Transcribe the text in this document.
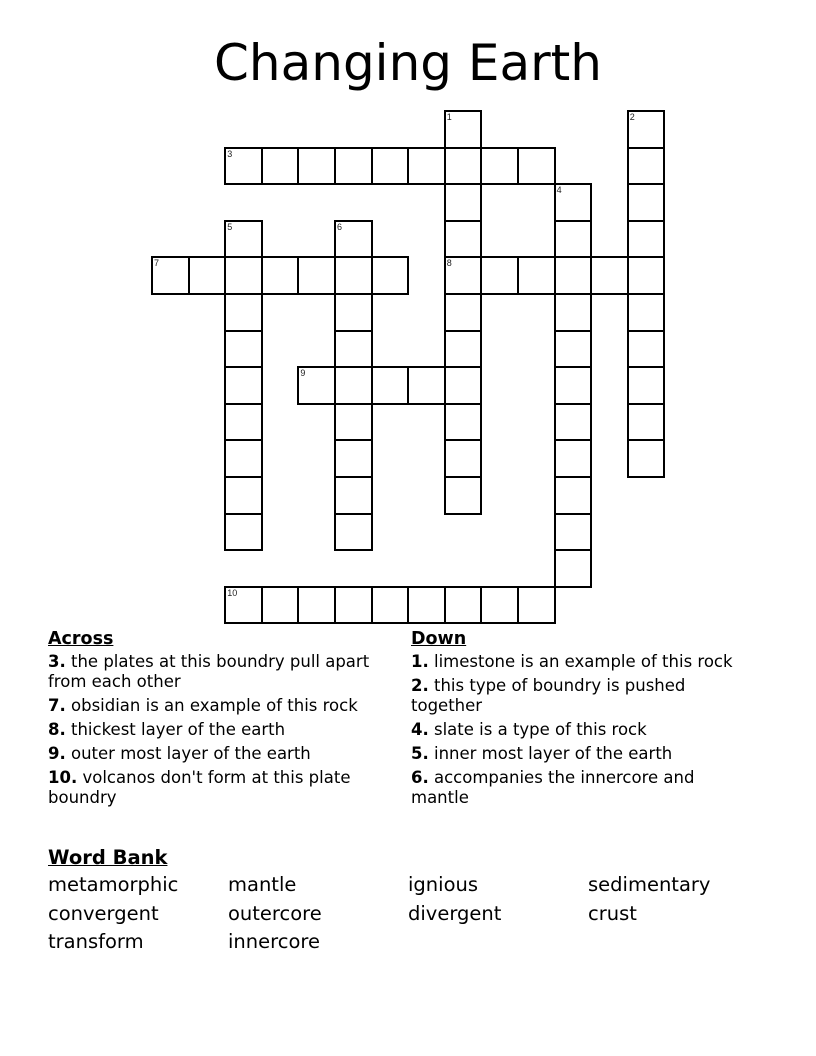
Changing Earth
1	2
3
4
5	6
7	8
9
10
Across
3. the plates at this boundry pull apart from each other
7. obsidian is an example of this rock
8. thickest layer of the earth
9. outer most layer of the earth
10. volcanos don't form at this plate boundry
Down
1. limestone is an example of this rock
2. this type of boundry is pushed together
4. slate is a type of this rock
5. inner most layer of the earth
6. accompanies the innercore and mantle
Word Bank
metamorphic	mantle	ignious	sedimentary
convergent	outercore	divergent	crust
transform	innercore
